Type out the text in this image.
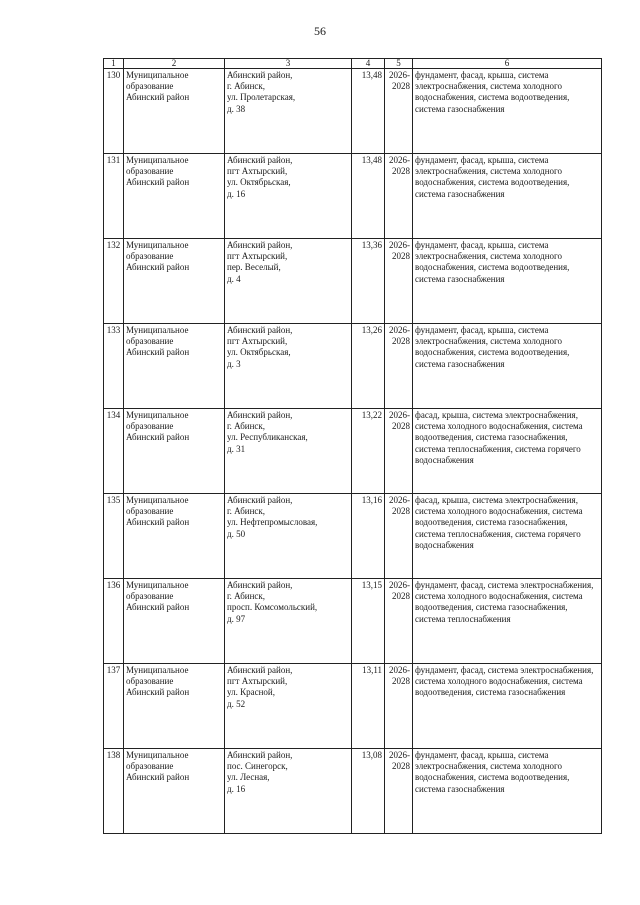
56
1	2	3	4	5	6

130	Муниципальное
образование
Абинский район	Абинский район,
г. Абинск,
ул. Пролетарская,
д. 38	13,48	2026-
2028	фундамент, фасад, крыша, система электроснабжения, система холодного водоснабжения, система водоотведения, система газоснабжения

131	Муниципальное
образование
Абинский район	Абинский район,
пгт Ахтырский,
ул. Октябрьская,
д. 16	13,48	2026-
2028	фундамент, фасад, крыша, система электроснабжения, система холодного водоснабжения, система водоотведения, система газоснабжения

132	Муниципальное
образование
Абинский район	Абинский район,
пгт Ахтырский,
пер. Веселый,
д. 4	13,36	2026-
2028	фундамент, фасад, крыша, система электроснабжения, система холодного водоснабжения, система водоотведения, система газоснабжения

133	Муниципальное
образование
Абинский район	Абинский район,
пгт Ахтырский,
ул. Октябрьская,
д. 3	13,26	2026-
2028	фундамент, фасад, крыша, система электроснабжения, система холодного водоснабжения, система водоотведения, система газоснабжения

134	Муниципальное
образование
Абинский район	Абинский район,
г. Абинск,
ул. Республиканская,
д. 31	13,22	2026-
2028	фасад, крыша, система электроснабжения, система холодного водоснабжения, система водоотведения, система газоснабжения, система теплоснабжения, система горячего водоснабжения

135	Муниципальное
образование
Абинский район	Абинский район,
г. Абинск,
ул. Нефтепромысловая,
д. 50	13,16	2026-
2028	фасад, крыша, система электроснабжения, система холодного водоснабжения, система водоотведения, система газоснабжения, система теплоснабжения, система горячего водоснабжения

136	Муниципальное
образование
Абинский район	Абинский район,
г. Абинск,
просп. Комсомольский,
д. 97	13,15	2026-
2028	фундамент, фасад, система электроснабжения, система холодного водоснабжения, система водоотведения, система газоснабжения, система теплоснабжения

137	Муниципальное
образование
Абинский район	Абинский район,
пгт Ахтырский,
ул. Красной,
д. 52	13,11	2026-
2028	фундамент, фасад, система электроснабжения, система холодного водоснабжения, система водоотведения, система газоснабжения

138	Муниципальное
образование
Абинский район	Абинский район,
пос. Синегорск,
ул. Лесная,
д. 16	13,08	2026-
2028	фундамент, фасад, крыша, система электроснабжения, система холодного водоснабжения, система водоотведения, система газоснабжения
